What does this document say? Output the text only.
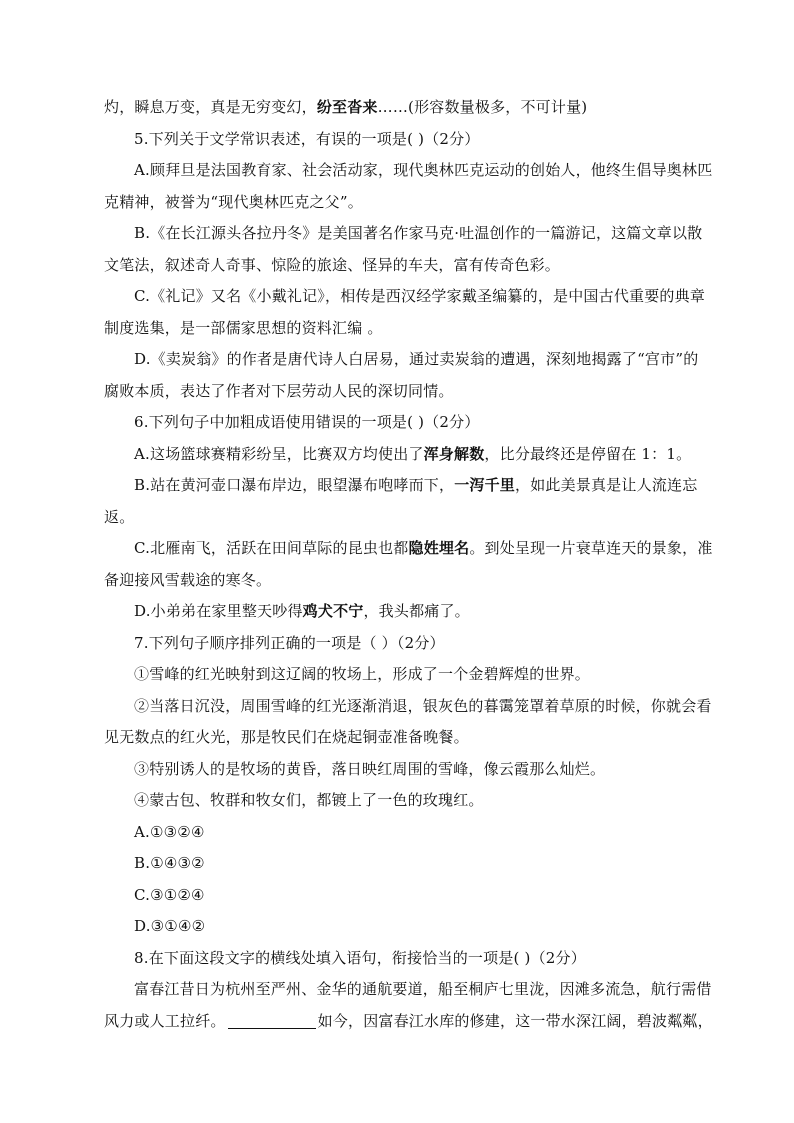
灼，瞬息万变，真是无穷变幻，纷至沓来……(形容数量极多，不可计量)
5.下列关于文学常识表述，有误的一项是( )（2分）
A.顾拜旦是法国教育家、社会活动家，现代奥林匹克运动的创始人，他终生倡导奥林匹
克精神，被誉为“现代奥林匹克之父”。
B.《在长江源头各拉丹冬》是美国著名作家马克·吐温创作的一篇游记，这篇文章以散
文笔法，叙述奇人奇事、惊险的旅途、怪异的车夫，富有传奇色彩。
C.《礼记》又名《小戴礼记》，相传是西汉经学家戴圣编纂的，是中国古代重要的典章
制度选集，是一部儒家思想的资料汇编 。
D.《卖炭翁》的作者是唐代诗人白居易，通过卖炭翁的遭遇，深刻地揭露了“宫市”的
腐败本质，表达了作者对下层劳动人民的深切同情。
6.下列句子中加粗成语使用错误的一项是( )（2分）
A.这场篮球赛精彩纷呈，比赛双方均使出了浑身解数，比分最终还是停留在 1：1。
B.站在黄河壶口瀑布岸边，眼望瀑布咆哮而下，一泻千里，如此美景真是让人流连忘
返。
C.北雁南飞，活跃在田间草际的昆虫也都隐姓埋名。到处呈现一片衰草连天的景象，准
备迎接风雪载途的寒冬。
D.小弟弟在家里整天吵得鸡犬不宁，我头都痛了。
7.下列句子顺序排列正确的一项是（ ）（2分）
①雪峰的红光映射到这辽阔的牧场上，形成了一个金碧辉煌的世界。
②当落日沉没，周围雪峰的红光逐渐消退，银灰色的暮霭笼罩着草原的时候，你就会看
见无数点的红火光，那是牧民们在烧起铜壶准备晚餐。
③特别诱人的是牧场的黄昏，落日映红周围的雪峰，像云霞那么灿烂。
④蒙古包、牧群和牧女们，都镀上了一色的玫瑰红。
A.①③②④
B.①④③②
C.③①②④
D.③①④②
8.在下面这段文字的横线处填入语句，衔接恰当的一项是( )（2分）
富春江昔日为杭州至严州、金华的通航要道，船至桐庐七里泷，因滩多流急，航行需借
风力或人工拉纤。	如今，因富春江水库的修建，这一带水深江阔，碧波粼粼，
